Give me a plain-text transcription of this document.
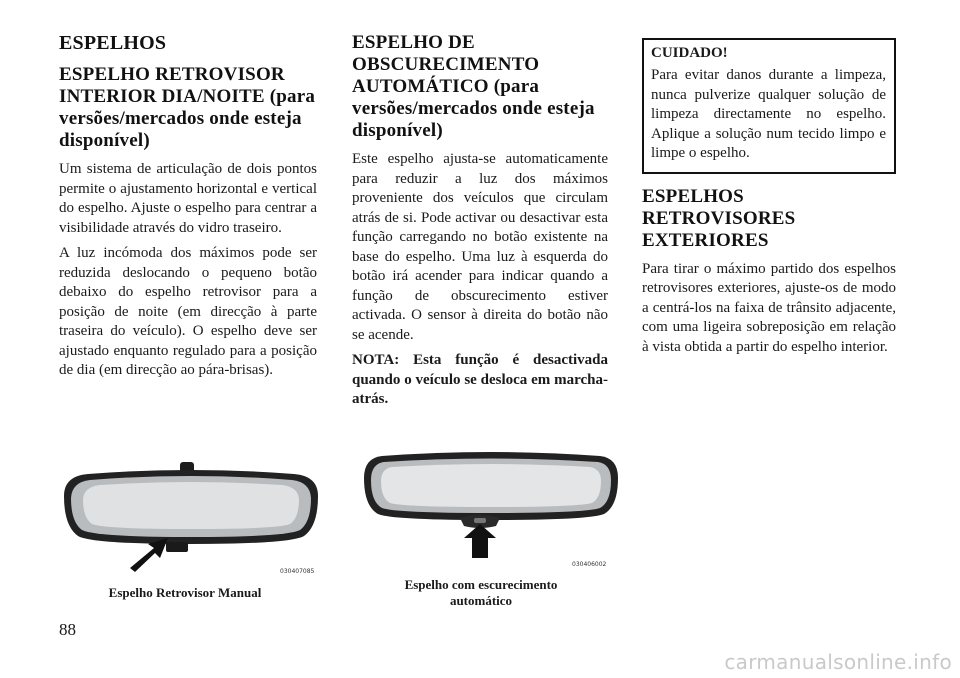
ESPELHOS
ESPELHO RETROVISOR INTERIOR DIA/NOITE (para versões/mercados onde esteja disponível)

Um sistema de articulação de dois pontos permite o ajustamento horizontal e vertical do espelho. Ajuste o espelho para centrar a visibilidade através do vidro traseiro.

A luz incómoda dos máximos pode ser reduzida deslocando o pequeno botão debaixo do espelho retrovisor para a posição de noite (em direcção à parte traseira do veículo). O espelho deve ser ajustado enquanto regulado para a posição de dia (em direcção ao pára-brisas).

ESPELHO DE OBSCURECIMENTO AUTOMÁTICO (para versões/mercados onde esteja disponível)

Este espelho ajusta-se automaticamente para reduzir a luz dos máximos proveniente dos veículos que circulam atrás de si. Pode activar ou desactivar esta função carregando no botão existente na base do espelho. Uma luz à esquerda do botão irá acender para indicar quando a função de obscurecimento estiver activada. O sensor à direita do botão não se acende.

NOTA: Esta função é desactivada quando o veículo se desloca em marcha-atrás.

CUIDADO!

Para evitar danos durante a limpeza, nunca pulverize qualquer solução de limpeza directamente no espelho. Aplique a solução num tecido limpo e limpe o espelho.

ESPELHOS RETROVISORES EXTERIORES

Para tirar o máximo partido dos espelhos retrovisores exteriores, ajuste-os de modo a centrá-los na faixa de trânsito adjacente, com uma ligeira sobreposição em relação à vista obtida a partir do espelho interior.

030407085
Espelho Retrovisor Manual
030406002
Espelho com escurecimento automático
88
carmanualsonline.info
